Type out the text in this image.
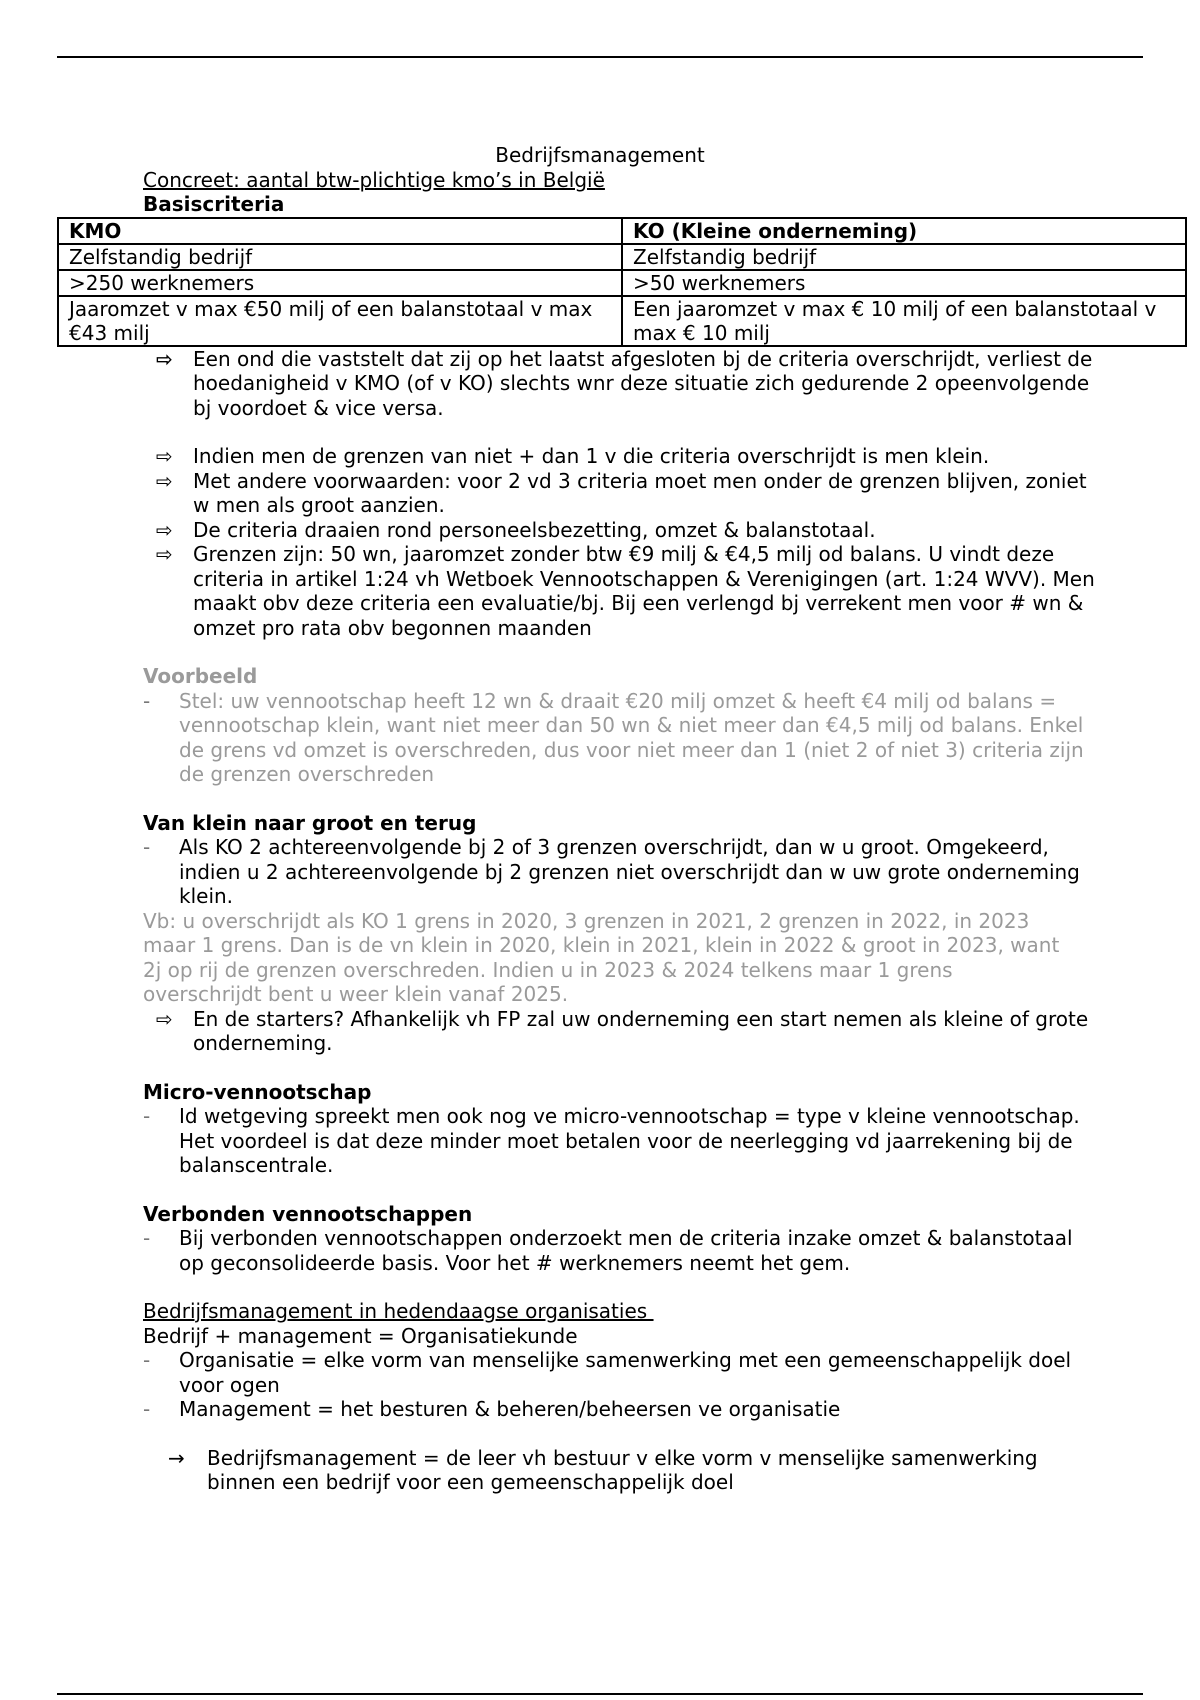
Bedrijfsmanagement

Concreet: aantal btw-plichtige kmo’s in België
Basiscriteria
KMO	KO (Kleine onderneming)
Zelfstandig bedrijf	Zelfstandig bedrijf
>250 werknemers	>50 werknemers
Jaaromzet v max €50 milj of een balanstotaal v max €43 milj	Een jaaromzet v max € 10 milj of een balanstotaal v max € 10 milj
⇨ Een ond die vaststelt dat zij op het laatst afgesloten bj de criteria overschrijdt, verliest de hoedanigheid v KMO (of v KO) slechts wnr deze situatie zich gedurende 2 opeenvolgende bj voordoet & vice versa.
⇨ Indien men de grenzen van niet + dan 1 v die criteria overschrijdt is men klein.
⇨ Met andere voorwaarden: voor 2 vd 3 criteria moet men onder de grenzen blijven, zoniet w men als groot aanzien.
⇨ De criteria draaien rond personeelsbezetting, omzet & balanstotaal.
⇨ Grenzen zijn: 50 wn, jaaromzet zonder btw €9 milj & €4,5 milj od balans. U vindt deze criteria in artikel 1:24 vh Wetboek Vennootschappen & Verenigingen (art. 1:24 WVV). Men maakt obv deze criteria een evaluatie/bj. Bij een verlengd bj verrekent men voor # wn & omzet pro rata obv begonnen maanden
Voorbeeld
- Stel: uw vennootschap heeft 12 wn & draait €20 milj omzet & heeft €4 milj od balans = vennootschap klein, want niet meer dan 50 wn & niet meer dan €4,5 milj od balans. Enkel de grens vd omzet is overschreden, dus voor niet meer dan 1 (niet 2 of niet 3) criteria zijn de grenzen overschreden
Van klein naar groot en terug
- Als KO 2 achtereenvolgende bj 2 of 3 grenzen overschrijdt, dan w u groot. Omgekeerd, indien u 2 achtereenvolgende bj 2 grenzen niet overschrijdt dan w uw grote onderneming klein.
Vb: u overschrijdt als KO 1 grens in 2020, 3 grenzen in 2021, 2 grenzen in 2022, in 2023 maar 1 grens. Dan is de vn klein in 2020, klein in 2021, klein in 2022 & groot in 2023, want 2j op rij de grenzen overschreden. Indien u in 2023 & 2024 telkens maar 1 grens overschrijdt bent u weer klein vanaf 2025.
⇨ En de starters? Afhankelijk vh FP zal uw onderneming een start nemen als kleine of grote onderneming.
Micro-vennootschap
- Id wetgeving spreekt men ook nog ve micro-vennootschap = type v kleine vennootschap. Het voordeel is dat deze minder moet betalen voor de neerlegging vd jaarrekening bij de balanscentrale.
Verbonden vennootschappen
- Bij verbonden vennootschappen onderzoekt men de criteria inzake omzet & balanstotaal op geconsolideerde basis. Voor het # werknemers neemt het gem.
Bedrijfsmanagement in hedendaagse organisaties
Bedrijf + management = Organisatiekunde
- Organisatie = elke vorm van menselijke samenwerking met een gemeenschappelijk doel voor ogen
- Management = het besturen & beheren/beheersen ve organisatie
→ Bedrijfsmanagement = de leer vh bestuur v elke vorm v menselijke samenwerking binnen een bedrijf voor een gemeenschappelijk doel
